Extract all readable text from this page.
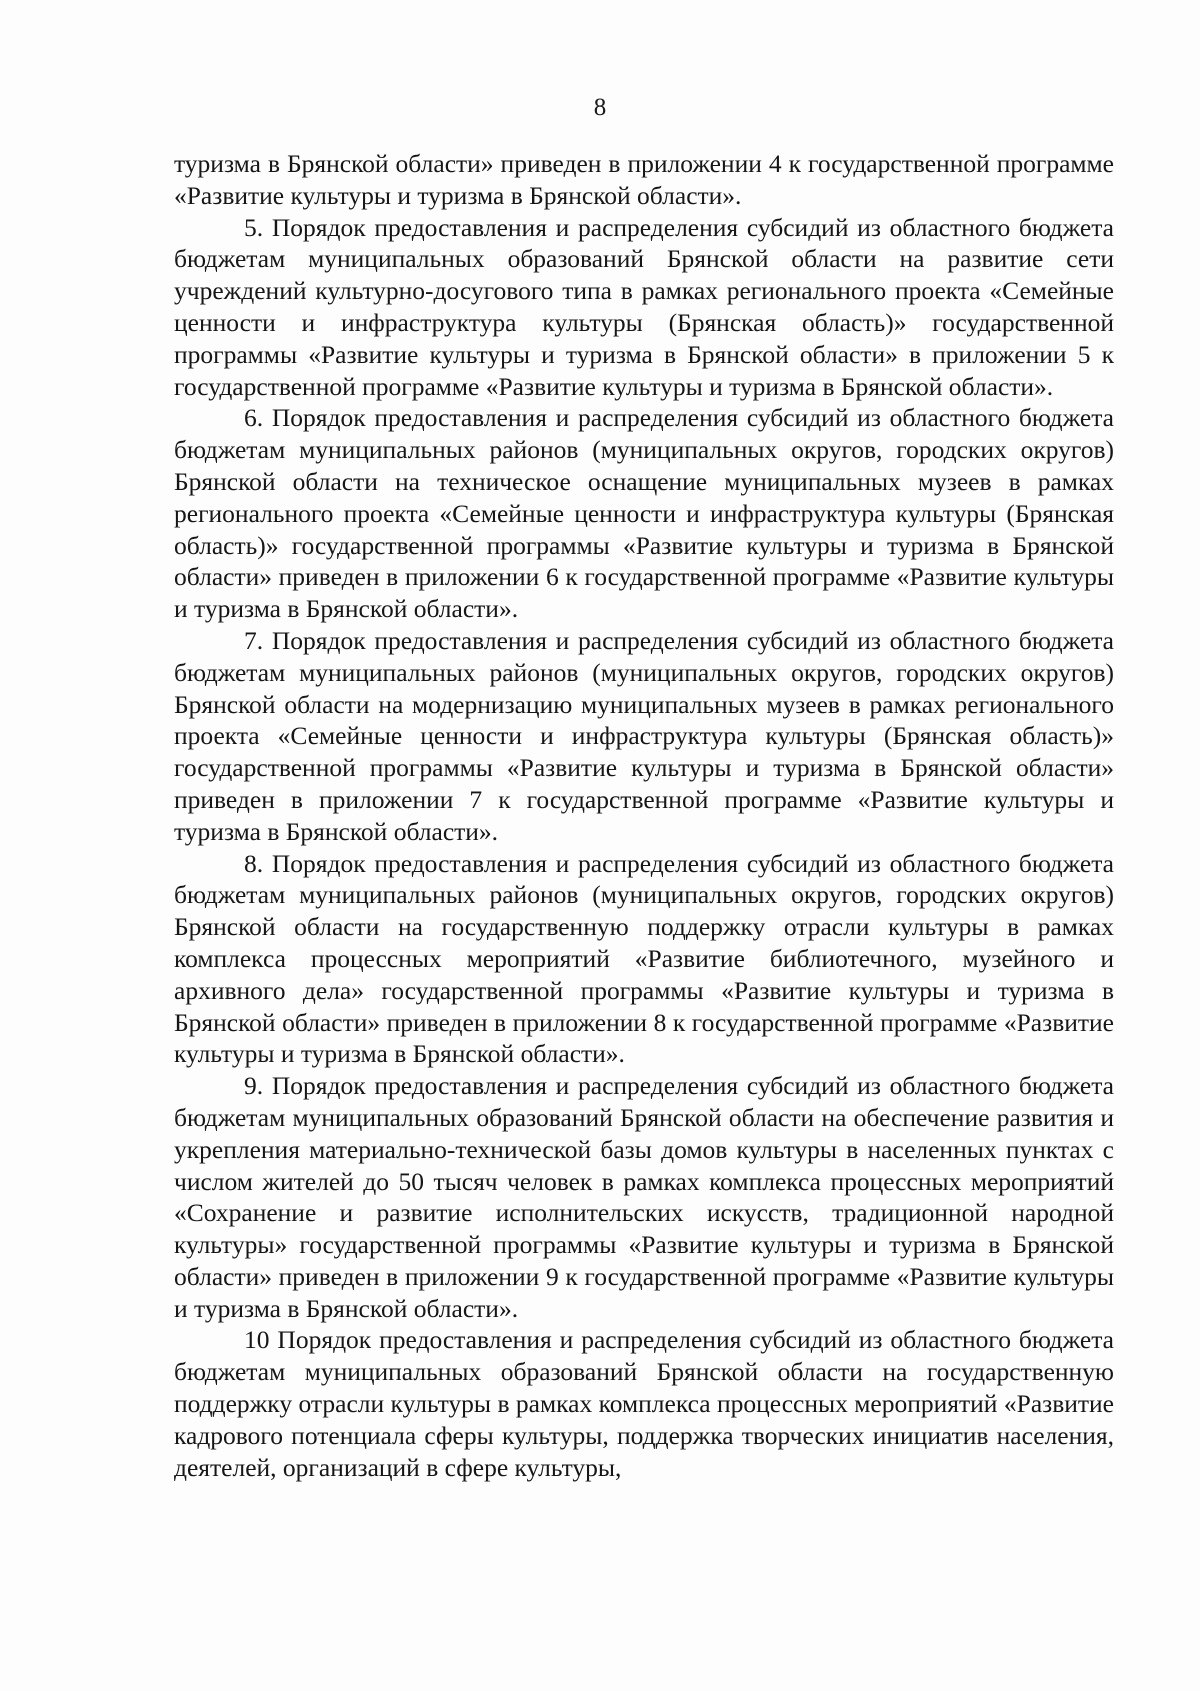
8

туризма в Брянской области» приведен в приложении 4 к государственной программе «Развитие культуры и туризма в Брянской области».

5. Порядок предоставления и распределения субсидий из областного бюджета бюджетам муниципальных образований Брянской области на развитие сети учреждений культурно-досугового типа в рамках регионального проекта «Семейные ценности и инфраструктура культуры (Брянская область)» государственной программы «Развитие культуры и туризма в Брянской области» в приложении 5 к государственной программе «Развитие культуры и туризма в Брянской области».

6. Порядок предоставления и распределения субсидий из областного бюджета бюджетам муниципальных районов (муниципальных округов, городских округов) Брянской области на техническое оснащение муниципальных музеев в рамках регионального проекта «Семейные ценности и инфраструктура культуры (Брянская область)» государственной программы «Развитие культуры и туризма в Брянской области» приведен в приложении 6 к государственной программе «Развитие культуры и туризма в Брянской области».

7. Порядок предоставления и распределения субсидий из областного бюджета бюджетам муниципальных районов (муниципальных округов, городских округов) Брянской области на модернизацию муниципальных музеев в рамках регионального проекта «Семейные ценности и инфраструктура культуры (Брянская область)» государственной программы «Развитие культуры и туризма в Брянской области» приведен в приложении 7 к государственной программе «Развитие культуры и туризма в Брянской области».

8. Порядок предоставления и распределения субсидий из областного бюджета бюджетам муниципальных районов (муниципальных округов, городских округов) Брянской области на государственную поддержку отрасли культуры в рамках комплекса процессных мероприятий «Развитие библиотечного, музейного и архивного дела» государственной программы «Развитие культуры и туризма в Брянской области» приведен в приложении 8 к государственной программе «Развитие культуры и туризма в Брянской области».

9. Порядок предоставления и распределения субсидий из областного бюджета бюджетам муниципальных образований Брянской области на обеспечение развития и укрепления материально-технической базы домов культуры в населенных пунктах с числом жителей до 50 тысяч человек в рамках комплекса процессных мероприятий «Сохранение и развитие исполнительских искусств, традиционной народной культуры» государственной программы «Развитие культуры и туризма в Брянской области» приведен в приложении 9 к государственной программе «Развитие культуры и туризма в Брянской области».

10 Порядок предоставления и распределения субсидий из областного бюджета бюджетам муниципальных образований Брянской области на государственную поддержку отрасли культуры в рамках комплекса процессных мероприятий «Развитие кадрового потенциала сферы культуры, поддержка творческих инициатив населения, деятелей, организаций в сфере культуры,
